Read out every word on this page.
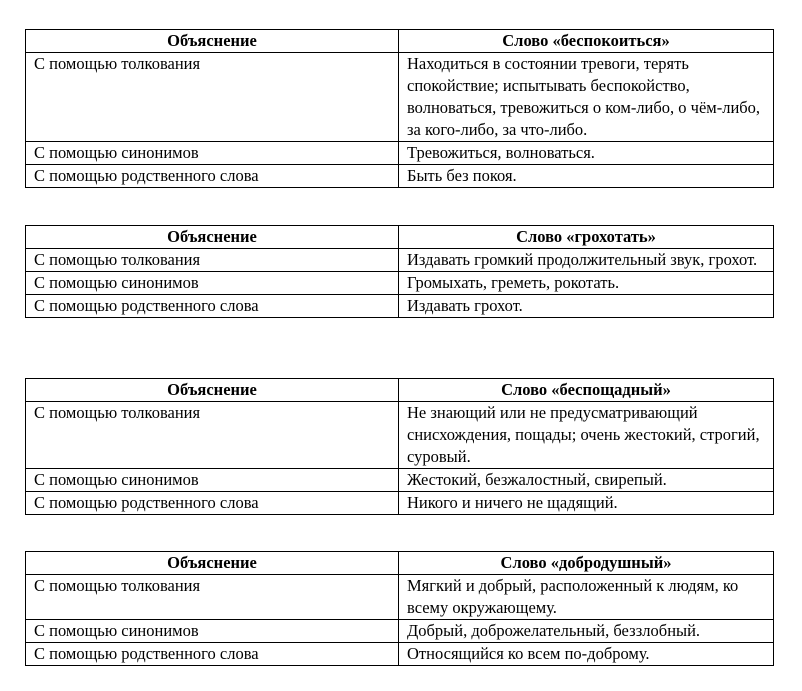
Объяснение	Слово «беспокоиться»
С помощью толкования	Находиться в состоянии тревоги, терять спокойствие; испытывать беспокойство, волноваться, тревожиться о ком-либо, о чём-либо, за кого-либо, за что-либо.
С помощью синонимов	Тревожиться, волноваться.
С помощью родственного слова	Быть без покоя.
Объяснение	Слово «грохотать»
С помощью толкования	Издавать громкий продолжительный звук, грохот.
С помощью синонимов	Громыхать, греметь, рокотать.
С помощью родственного слова	Издавать грохот.
Объяснение	Слово «беспощадный»
С помощью толкования	Не знающий или не предусматривающий снисхождения, пощады; очень жестокий, строгий, суровый.
С помощью синонимов	Жестокий, безжалостный, свирепый.
С помощью родственного слова	Никого и ничего не щадящий.
Объяснение	Слово «добродушный»
С помощью толкования	Мягкий и добрый, расположенный к людям, ко всему окружающему.
С помощью синонимов	Добрый, доброжелательный, беззлобный.
С помощью родственного слова	Относящийся ко всем по-доброму.
